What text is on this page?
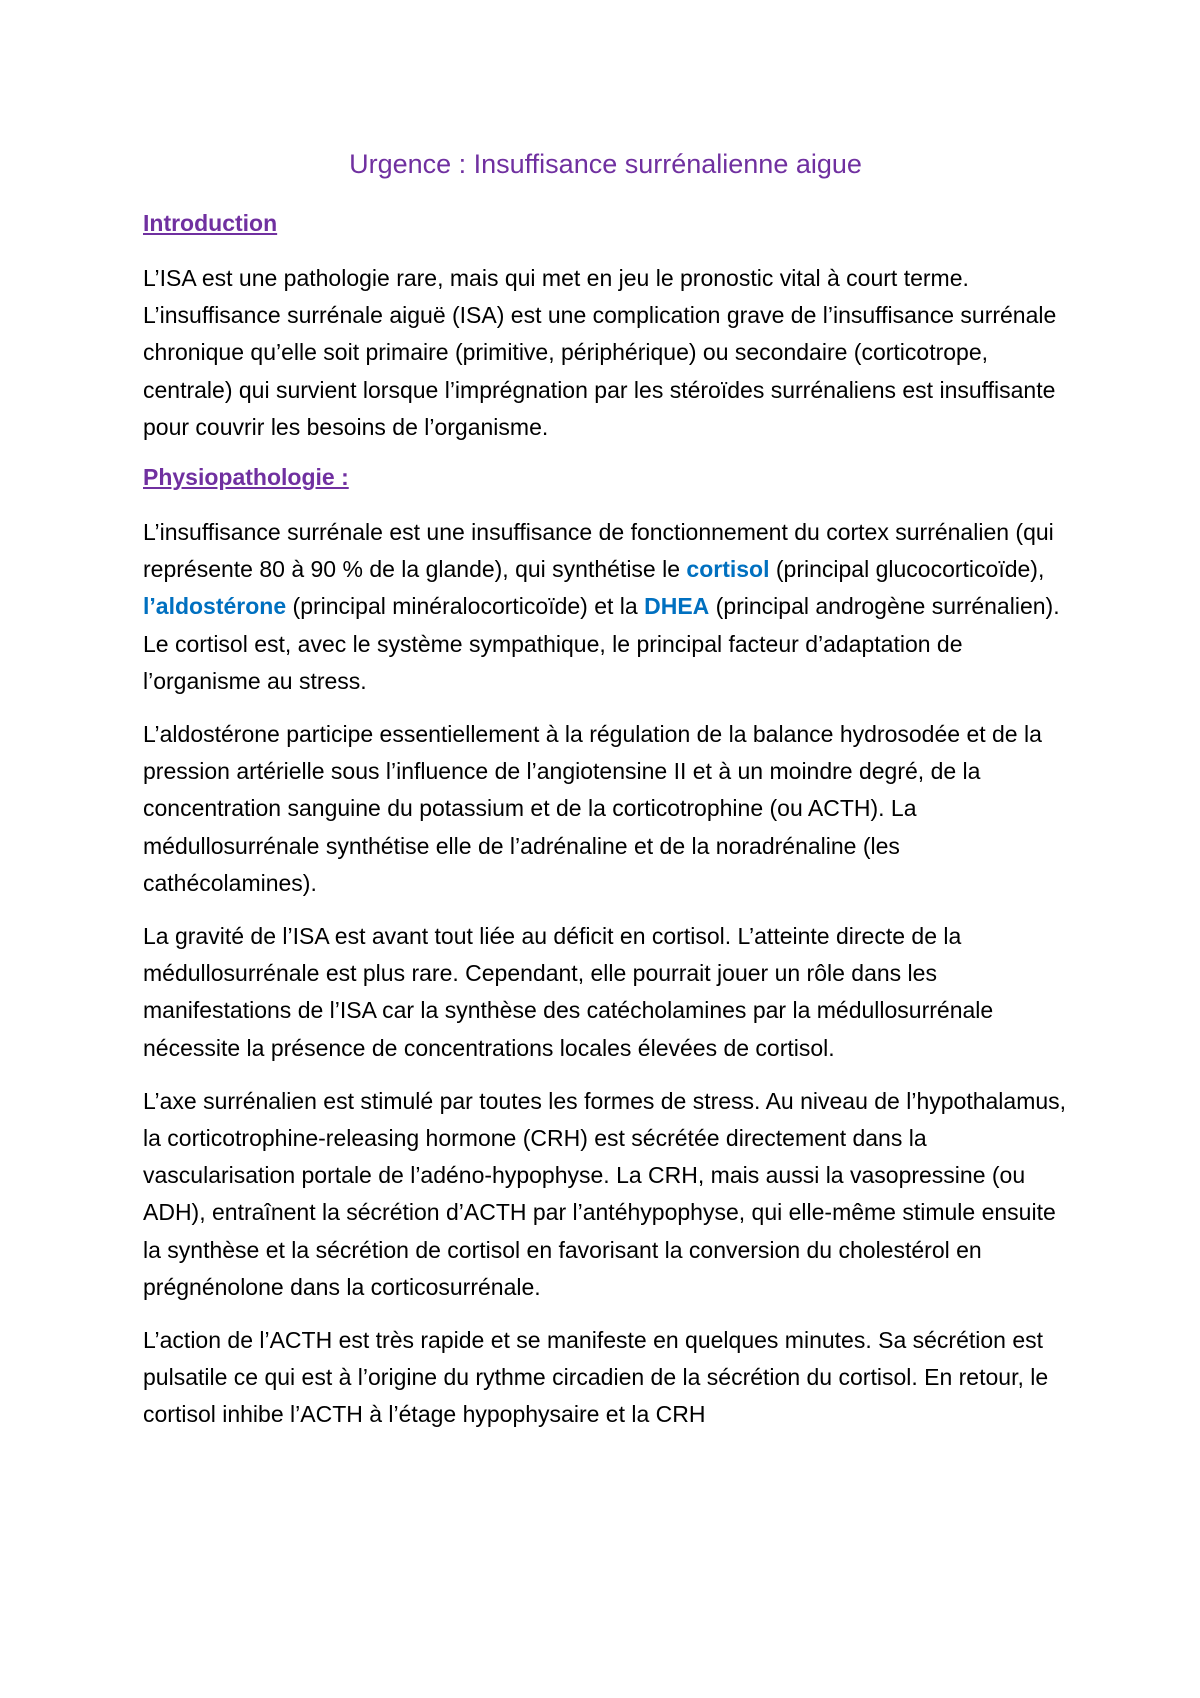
Urgence : Insuffisance surrénalienne aigue
Introduction

L’ISA est une pathologie rare, mais qui met en jeu le pronostic vital à court terme. L’insuffisance surrénale aiguë (ISA) est une complication grave de l’insuffisance surrénale chronique qu’elle soit primaire (primitive, périphérique) ou secondaire (corticotrope, centrale) qui survient lorsque l’imprégnation par les stéroïdes surrénaliens est insuffisante pour couvrir les besoins de l’organisme.

Physiopathologie :

L’insuffisance surrénale est une insuffisance de fonctionnement du cortex surrénalien (qui représente 80 à 90 % de la glande), qui synthétise le cortisol (principal glucocorticoïde), l’aldostérone (principal minéralocorticoïde) et la DHEA (principal androgène surrénalien). Le cortisol est, avec le système sympathique, le principal facteur d’adaptation de l’organisme au stress.

L’aldostérone participe essentiellement à la régulation de la balance hydrosodée et de la pression artérielle sous l’influence de l’angiotensine II et à un moindre degré, de la concentration sanguine du potassium et de la corticotrophine (ou ACTH). La médullosurrénale synthétise elle de l’adrénaline et de la noradrénaline (les cathécolamines).

La gravité de l’ISA est avant tout liée au déficit en cortisol. L’atteinte directe de la médullosurrénale est plus rare. Cependant, elle pourrait jouer un rôle dans les manifestations de l’ISA car la synthèse des catécholamines par la médullosurrénale nécessite la présence de concentrations locales élevées de cortisol.

L’axe surrénalien est stimulé par toutes les formes de stress. Au niveau de l’hypothalamus, la corticotrophine-releasing hormone (CRH) est sécrétée directement dans la vascularisation portale de l’adéno-hypophyse. La CRH, mais aussi la vasopressine (ou ADH), entraînent la sécrétion d’ACTH par l’antéhypophyse, qui elle-même stimule ensuite la synthèse et la sécrétion de cortisol en favorisant la conversion du cholestérol en prégnénolone dans la corticosurrénale.

L’action de l’ACTH est très rapide et se manifeste en quelques minutes. Sa sécrétion est pulsatile ce qui est à l’origine du rythme circadien de la sécrétion du cortisol. En retour, le cortisol inhibe l’ACTH à l’étage hypophysaire et la CRH
